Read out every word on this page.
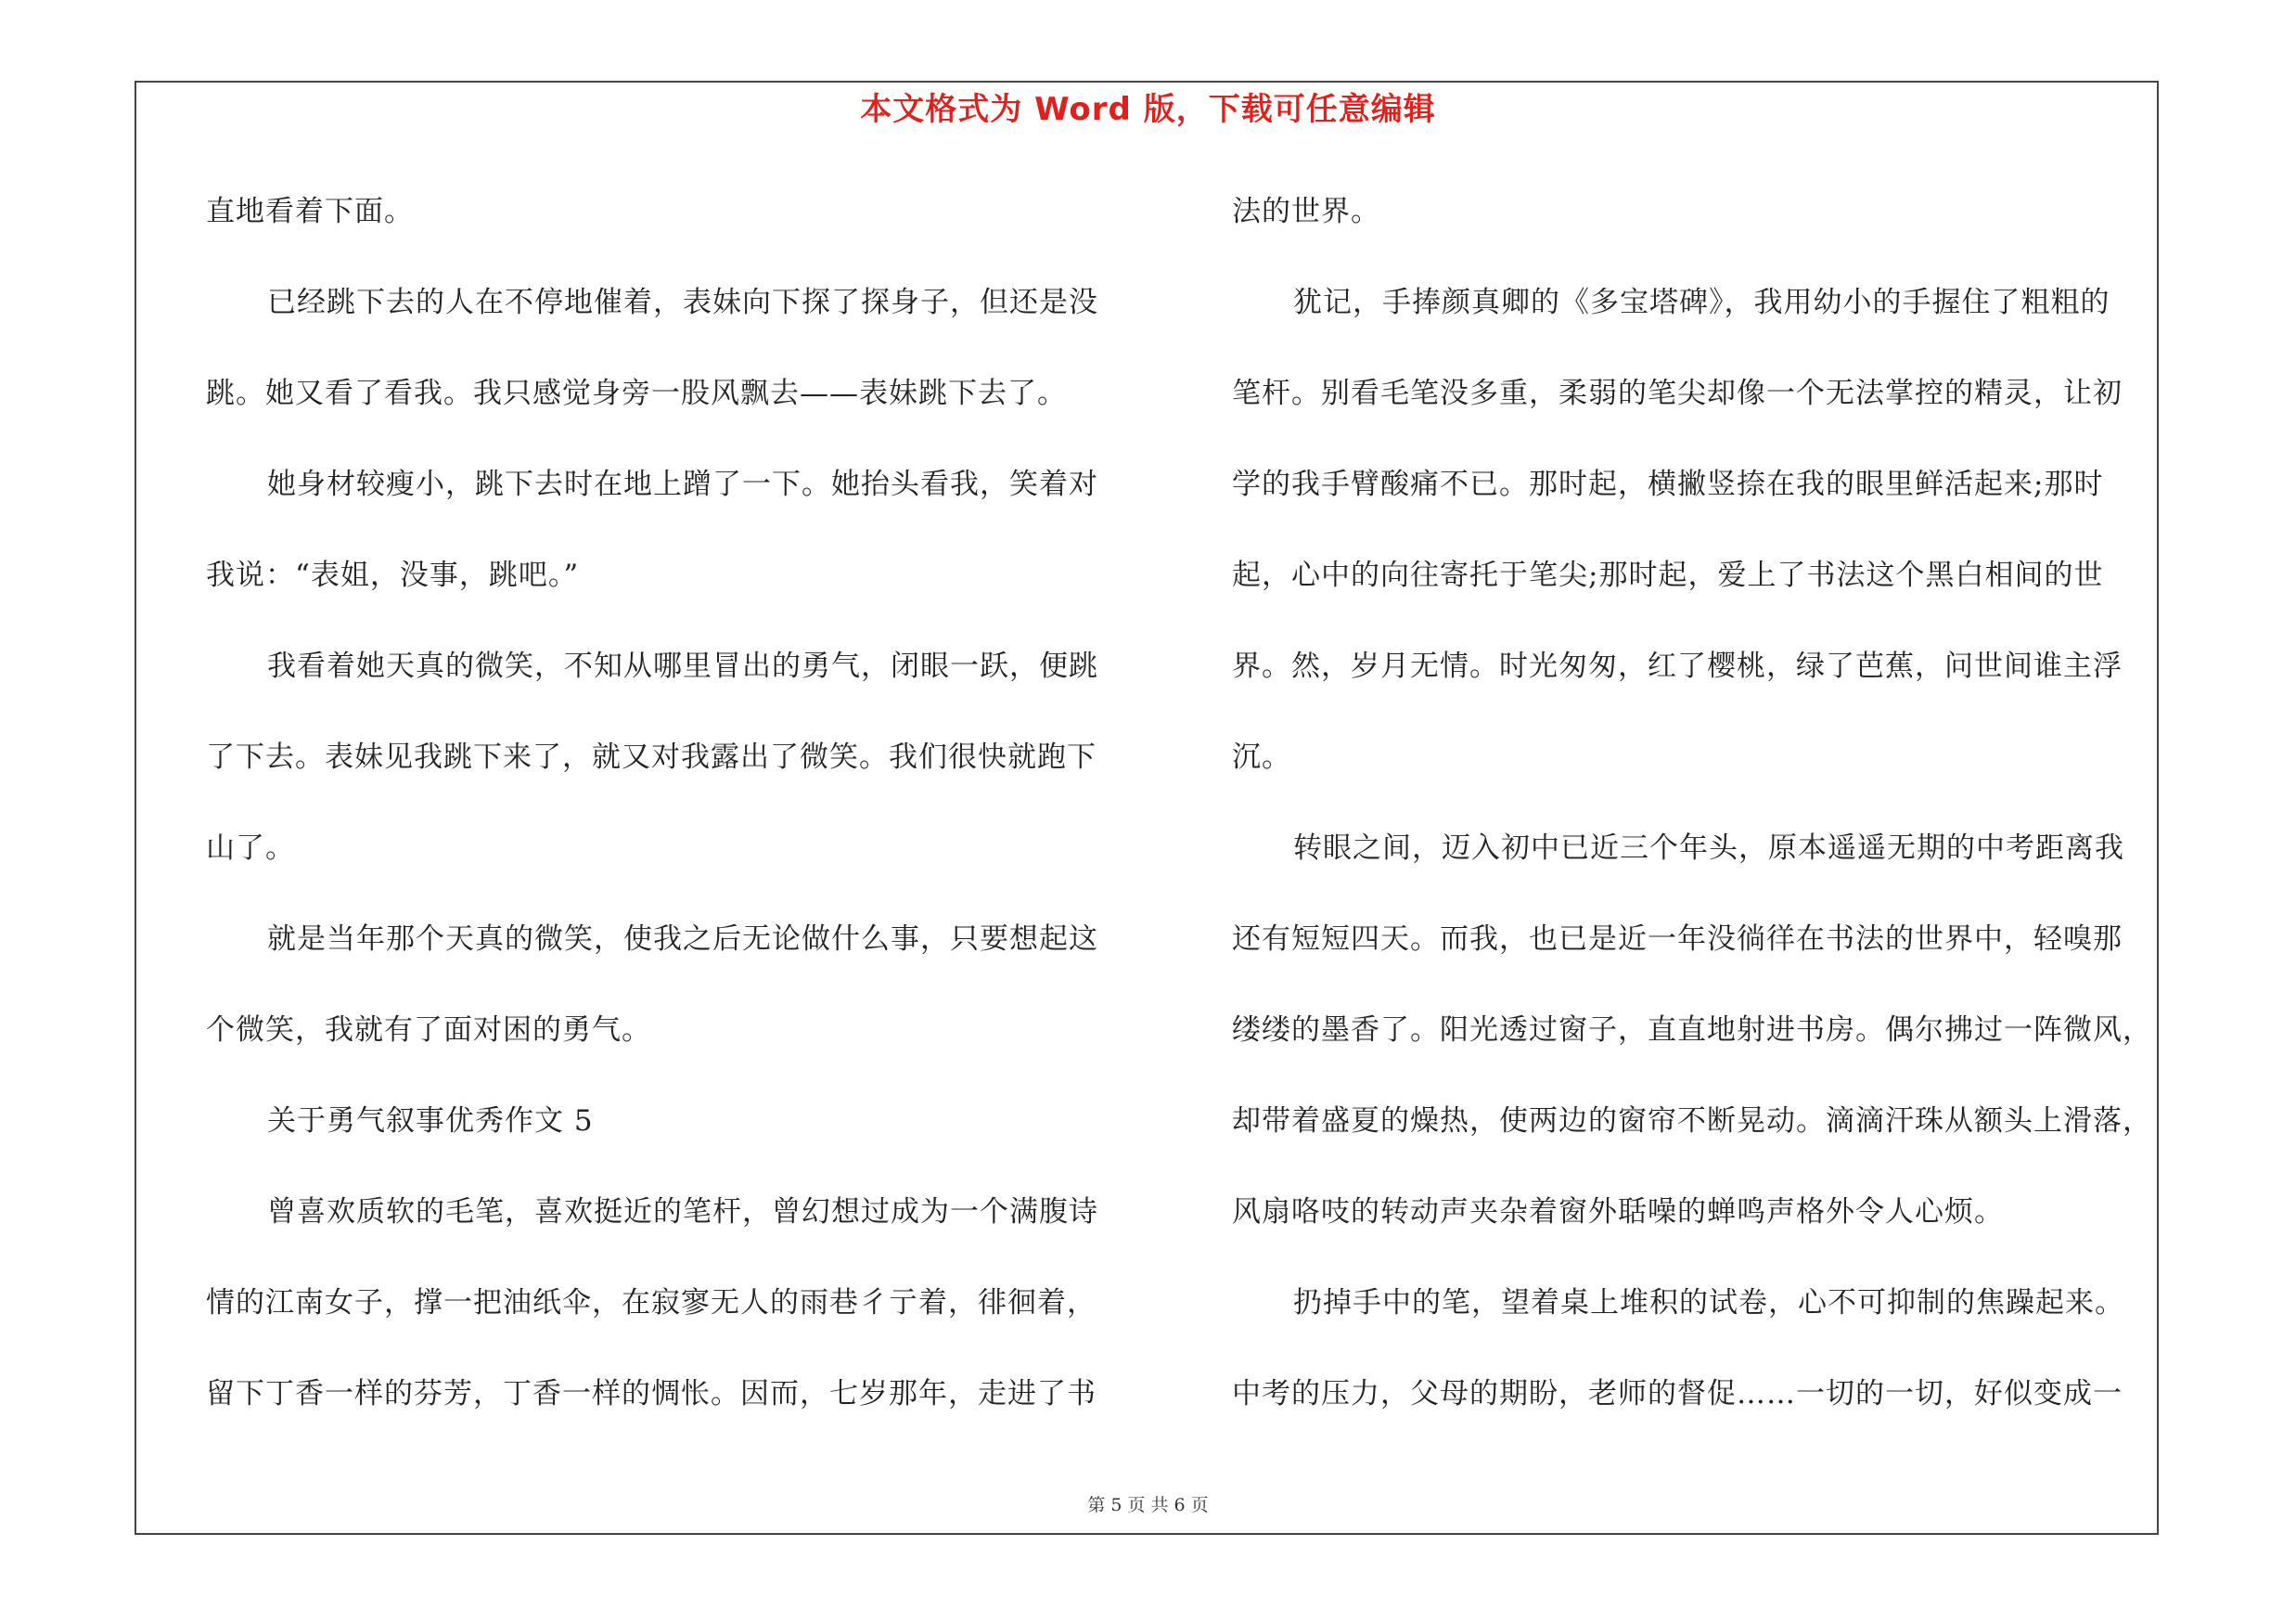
本文格式为 Word 版，下载可任意编辑
直地看着下面。
已经跳下去的人在不停地催着，表妹向下探了探身子，但还是没
跳。她又看了看我。我只感觉身旁一股风飘去——表妹跳下去了。
她身材较瘦小，跳下去时在地上蹭了一下。她抬头看我，笑着对
我说：“表姐，没事，跳吧。”
我看着她天真的微笑，不知从哪里冒出的勇气，闭眼一跃，便跳
了下去。表妹见我跳下来了，就又对我露出了微笑。我们很快就跑下
山了。
就是当年那个天真的微笑，使我之后无论做什么事，只要想起这
个微笑，我就有了面对困的勇气。
关于勇气叙事优秀作文 5
曾喜欢质软的毛笔，喜欢挺近的笔杆，曾幻想过成为一个满腹诗
情的江南女子，撑一把油纸伞，在寂寥无人的雨巷彳亍着，徘徊着，
留下丁香一样的芬芳，丁香一样的惆怅。因而，七岁那年，走进了书
法的世界。
犹记，手捧颜真卿的《多宝塔碑》，我用幼小的手握住了粗粗的
笔杆。别看毛笔没多重，柔弱的笔尖却像一个无法掌控的精灵，让初
学的我手臂酸痛不已。那时起，横撇竖捺在我的眼里鲜活起来;那时
起，心中的向往寄托于笔尖;那时起，爱上了书法这个黑白相间的世
界。然，岁月无情。时光匆匆，红了樱桃，绿了芭蕉，问世间谁主浮
沉。
转眼之间，迈入初中已近三个年头，原本遥遥无期的中考距离我
还有短短四天。而我，也已是近一年没徜徉在书法的世界中，轻嗅那
缕缕的墨香了。阳光透过窗子，直直地射进书房。偶尔拂过一阵微风，
却带着盛夏的燥热，使两边的窗帘不断晃动。滴滴汗珠从额头上滑落，
风扇咯吱的转动声夹杂着窗外聒噪的蝉鸣声格外令人心烦。
扔掉手中的笔，望着桌上堆积的试卷，心不可抑制的焦躁起来。
中考的压力，父母的期盼，老师的督促……一切的一切，好似变成一
第 5 页 共 6 页
